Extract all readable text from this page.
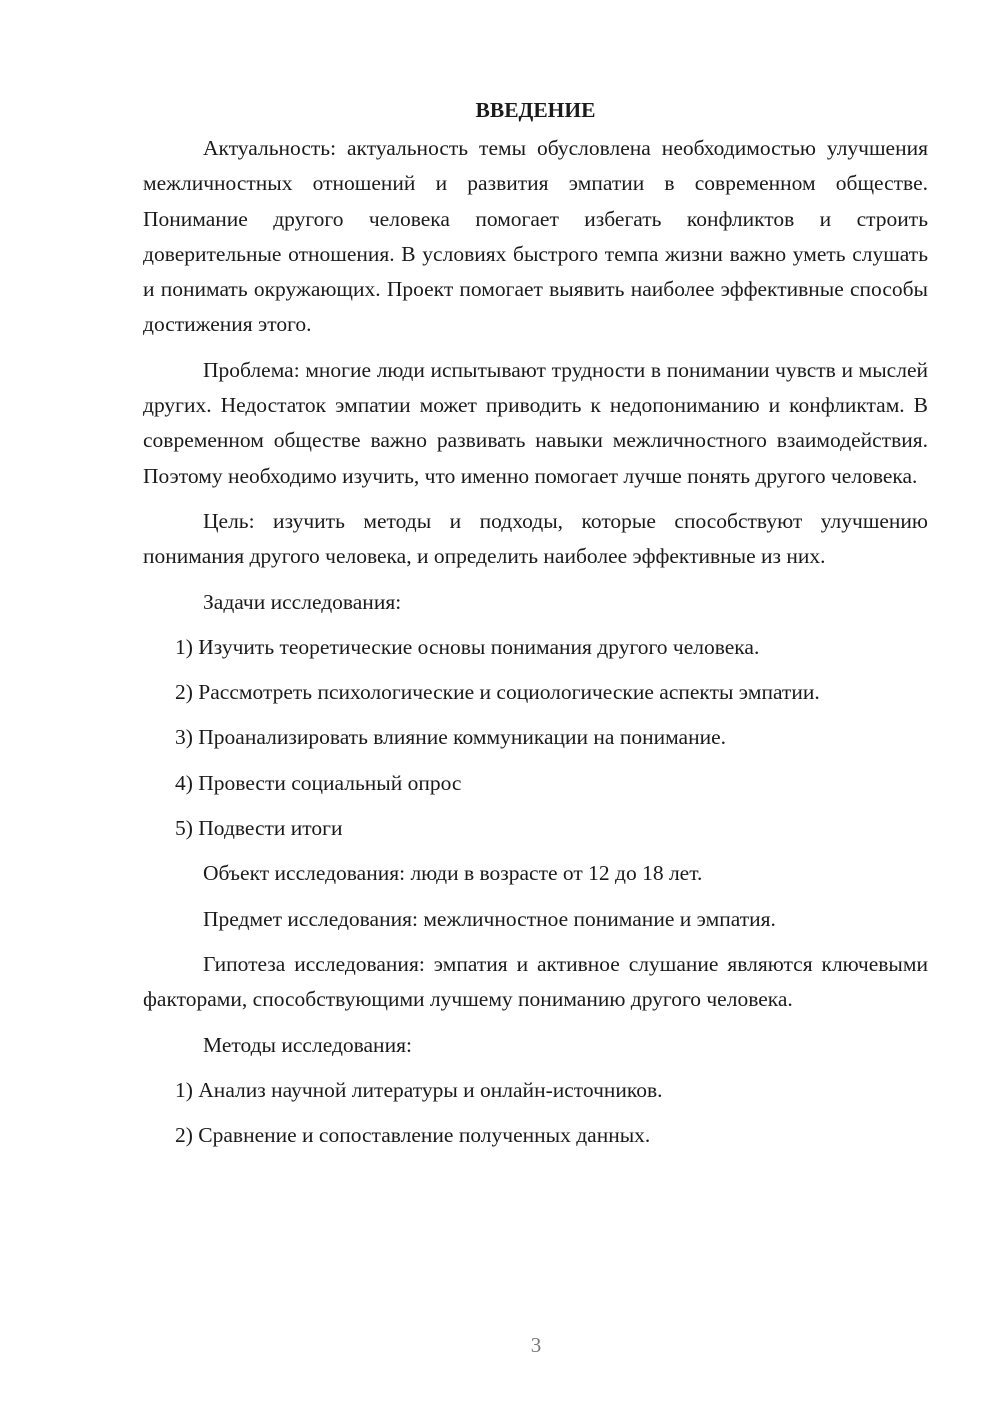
ВВЕДЕНИЕ

Актуальность: актуальность темы обусловлена необходимостью улучшения межличностных отношений и развития эмпатии в современном обществе. Понимание другого человека помогает избегать конфликтов и строить доверительные отношения. В условиях быстрого темпа жизни важно уметь слушать и понимать окружающих. Проект помогает выявить наиболее эффективные способы достижения этого.

Проблема: многие люди испытывают трудности в понимании чувств и мыслей других. Недостаток эмпатии может приводить к недопониманию и конфликтам. В современном обществе важно развивать навыки межличностного взаимодействия. Поэтому необходимо изучить, что именно помогает лучше понять другого человека.

Цель: изучить методы и подходы, которые способствуют улучшению понимания другого человека, и определить наиболее эффективные из них.

Задачи исследования:

1) Изучить теоретические основы понимания другого человека.
2) Рассмотреть психологические и социологические аспекты эмпатии.
3) Проанализировать влияние коммуникации на понимание.
4) Провести социальный опрос
5) Подвести итоги

Объект исследования: люди в возрасте от 12 до 18 лет.

Предмет исследования: межличностное понимание и эмпатия.

Гипотеза исследования: эмпатия и активное слушание являются ключевыми факторами, способствующими лучшему пониманию другого человека.

Методы исследования:

1) Анализ научной литературы и онлайн-источников.
2) Сравнение и сопоставление полученных данных.
3
